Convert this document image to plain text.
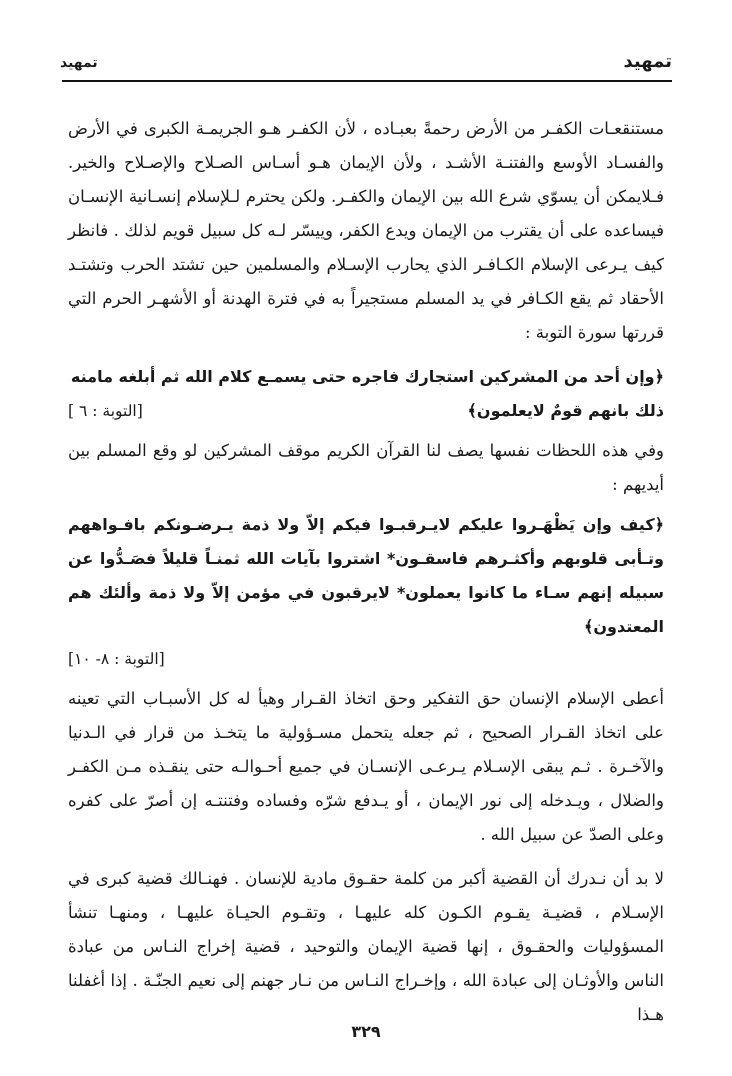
تمهيد
تمهيد

مستنقعـات الكفـر من الأرض رحمةً بعبـاده ، لأن الكفـر هـو الجريمـة الكبرى في الأرض والفسـاد الأوسع والفتنـة الأشـد ، ولأن الإيمان هـو أسـاس الصـلاح والإصـلاح والخير. فـلايمكن أن يسوّي شرع الله بين الإيمان والكفـر. ولكن يحترم لـلإسلام إنسـانية الإنسـان فيساعده على أن يقترب من الإيمان ويدع الكفر، وييسّر لـه كل سبيل قويم لذلك . فانظر كيف يـرعى الإسلام الكـافـر الذي يحارب الإسـلام والمسلمين حين تشتد الحرب وتشتـد الأحقاد ثم يقع الكـافر في يد المسلم مستجيراً به في فترة الهدنة أو الأشهـر الحرم التي قررتها سورة التوبة :

﴿وإن أحد من المشركين استجارك فاجره حتى يسمـع كلام الله ثم أبلغه مامنه

ذلك بانهم قومٌ لايعلمون﴾
[التوبة : ٦ ]

وفي هذه اللحظات نفسها يصف لنا القرآن الكريم موقف المشركين لو وقع المسلم بين أيديهم :

﴿كيف وإن يَظْهَـروا عليكم لايـرقبـوا فيكم إلاّ ولا ذمة يـرضـونكم بافـواههم وتـأبى قلوبهم وأكثـرهم فاسقـون* اشتروا بآيات الله ثمنـاً قليلاً فصَـدُّوا عن سبيله إنهم سـاء ما كانوا يعملون* لايرقبون في مؤمن إلاّ ولا ذمة وألئك هم المعتدون﴾

[التوبة : ٨- ١٠]

أعطى الإسلام الإنسان حق التفكير وحق اتخاذ القـرار وهيأ له كل الأسبـاب التي تعينه على اتخاذ القـرار الصحيح ، ثم جعله يتحمل مسـؤولية ما يتخـذ من قرار في الـدنيا والآخـرة . ثـم يبقى الإسـلام يـرعـى الإنسـان في جميع أحـوالـه حتى ينقـذه مـن الكفـر والضلال ، ويـدخله إلى نور الإيمان ، أو يـدفع شرّه وفساده وفتنتـه إن أصرّ على كفره وعلى الصدّ عن سبيل الله .

لا بد أن نـدرك أن القضية أكبر من كلمة حقـوق مادية للإنسان . فهنـالك قضية كبرى في الإسـلام ، قضيـة يقـوم الكـون كله عليهـا ، وتقـوم الحيـاة عليهـا ، ومنهـا تنشأ المسؤوليات والحقـوق ، إنها قضية الإيمان والتوحيد ، قضية إخراج النـاس من عبادة الناس والأوثـان إلى عبادة الله ، وإخـراج النـاس من نـار جهنم إلى نعيم الجنّـة . إذا أغفلنا هـذا

٣٢٩
